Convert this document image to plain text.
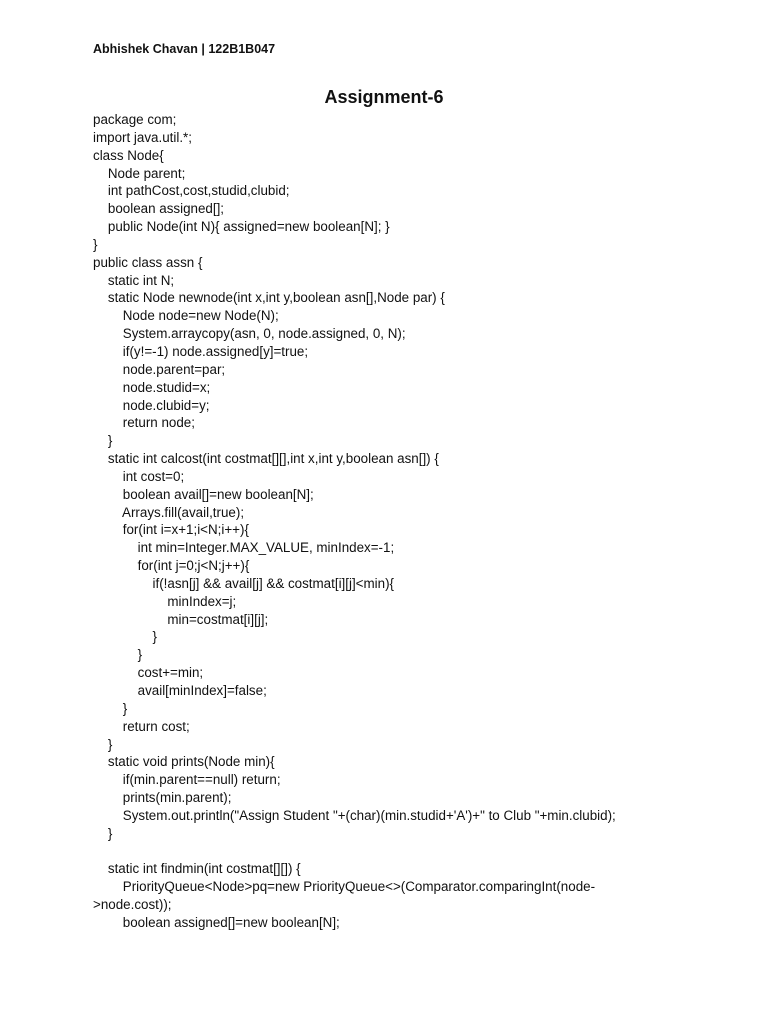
Abhishek Chavan | 122B1B047
Assignment-6
package com;
import java.util.*;
class Node{
Node parent;
int pathCost,cost,studid,clubid;
boolean assigned[];
public Node(int N){ assigned=new boolean[N]; }
}
public class assn {
static int N;
static Node newnode(int x,int y,boolean asn[],Node par) {
Node node=new Node(N);
System.arraycopy(asn, 0, node.assigned, 0, N);
if(y!=-1) node.assigned[y]=true;
node.parent=par;
node.studid=x;
node.clubid=y;
return node;
}
static int calcost(int costmat[][],int x,int y,boolean asn[]) {
int cost=0;
boolean avail[]=new boolean[N];
Arrays.fill(avail,true);
for(int i=x+1;i<N;i++){
int min=Integer.MAX_VALUE, minIndex=-1;
for(int j=0;j<N;j++){
if(!asn[j] && avail[j] && costmat[i][j]<min){
minIndex=j;
min=costmat[i][j];
}
}
cost+=min;
avail[minIndex]=false;
}
return cost;
}
static void prints(Node min){
if(min.parent==null) return;
prints(min.parent);
System.out.println("Assign Student "+(char)(min.studid+'A')+" to Club "+min.clubid);
}
static int findmin(int costmat[][]) {
PriorityQueue<Node>pq=new PriorityQueue<>(Comparator.comparingInt(node-
>node.cost));
boolean assigned[]=new boolean[N];
